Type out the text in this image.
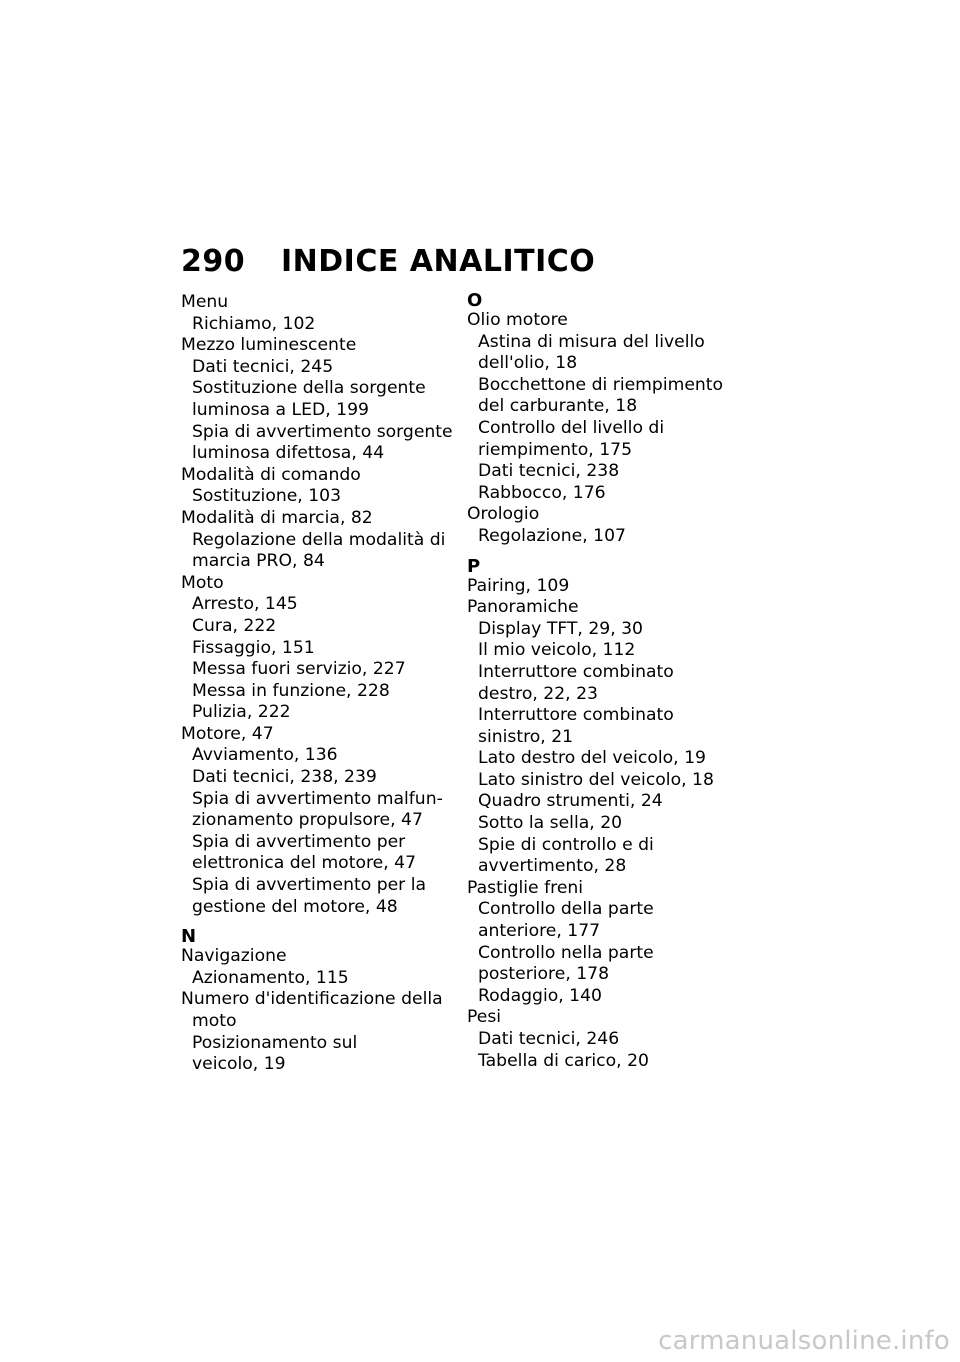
290	INDICE ANALITICO
Menu
Richiamo, 102
Mezzo luminescente
Dati tecnici, 245
Sostituzione della sorgente
luminosa a LED, 199
Spia di avvertimento sorgente
luminosa difettosa, 44
Modalità di comando
Sostituzione, 103
Modalità di marcia, 82
Regolazione della modalità di
marcia PRO, 84
Moto
Arresto, 145
Cura, 222
Fissaggio, 151
Messa fuori servizio, 227
Messa in funzione, 228
Pulizia, 222
Motore, 47
Avviamento, 136
Dati tecnici, 238, 239
Spia di avvertimento malfun-
zionamento propulsore, 47
Spia di avvertimento per
elettronica del motore, 47
Spia di avvertimento per la
gestione del motore, 48
N
Navigazione
Azionamento, 115
Numero d'identificazione della
moto
Posizionamento sul
veicolo, 19
O
Olio motore
Astina di misura del livello
dell'olio, 18
Bocchettone di riempimento
del carburante, 18
Controllo del livello di
riempimento, 175
Dati tecnici, 238
Rabbocco, 176
Orologio
Regolazione, 107
P
Pairing, 109
Panoramiche
Display TFT, 29, 30
Il mio veicolo, 112
Interruttore combinato
destro, 22, 23
Interruttore combinato
sinistro, 21
Lato destro del veicolo, 19
Lato sinistro del veicolo, 18
Quadro strumenti, 24
Sotto la sella, 20
Spie di controllo e di
avvertimento, 28
Pastiglie freni
Controllo della parte
anteriore, 177
Controllo nella parte
posteriore, 178
Rodaggio, 140
Pesi
Dati tecnici, 246
Tabella di carico, 20
carmanualsonline.info
